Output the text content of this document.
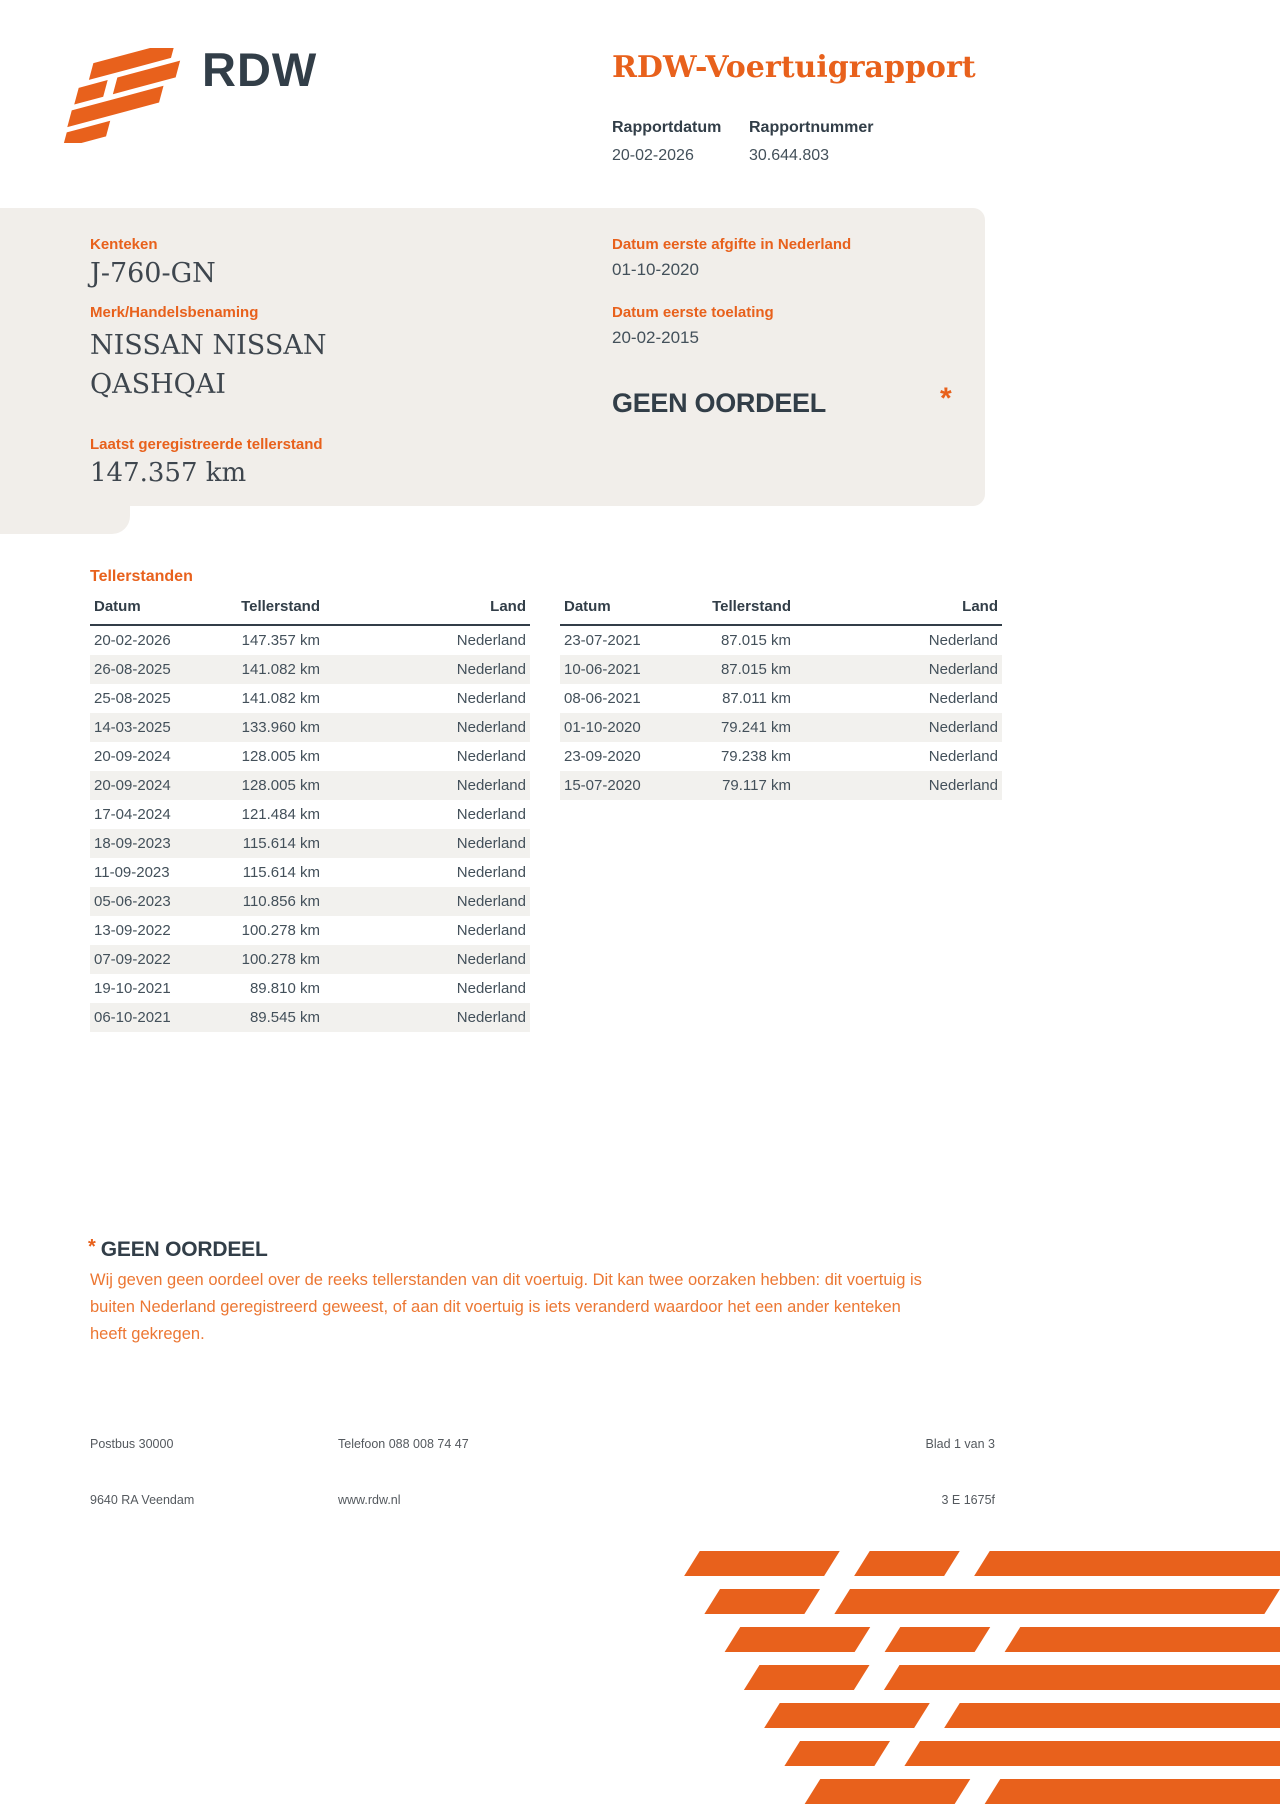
RDW	RDW-Voertuigrapport
Rapportdatum Rapportnummer
20-02-2026	30.644.803
Kenteken
J-760-GN
Merk/Handelsbenaming
NISSAN NISSAN QASHQAI
Laatst geregistreerde tellerstand
147.357 km
Datum eerste afgifte in Nederland
01-10-2020
Datum eerste toelating
20-02-2015
GEEN OORDEEL	*
Tellerstanden
Datum	Tellerstand	Land
20-02-2026	147.357 km	Nederland
26-08-2025	141.082 km	Nederland
25-08-2025	141.082 km	Nederland
14-03-2025	133.960 km	Nederland
20-09-2024	128.005 km	Nederland
20-09-2024	128.005 km	Nederland
17-04-2024	121.484 km	Nederland
18-09-2023	115.614 km	Nederland
11-09-2023	115.614 km	Nederland
05-06-2023	110.856 km	Nederland
13-09-2022	100.278 km	Nederland
07-09-2022	100.278 km	Nederland
19-10-2021	89.810 km	Nederland
06-10-2021	89.545 km	Nederland
Datum	Tellerstand	Land
23-07-2021	87.015 km	Nederland
10-06-2021	87.015 km	Nederland
08-06-2021	87.011 km	Nederland
01-10-2020	79.241 km	Nederland
23-09-2020	79.238 km	Nederland
15-07-2020	79.117 km	Nederland
* GEEN OORDEEL
Wij geven geen oordeel over de reeks tellerstanden van dit voertuig. Dit kan twee oorzaken hebben: dit voertuig is buiten Nederland geregistreerd geweest, of aan dit voertuig is iets veranderd waardoor het een ander kenteken heeft gekregen.
Postbus 30000
9640 RA Veendam
Telefoon 088 008 74 47
www.rdw.nl
Blad 1 van 3
3 E 1675f
